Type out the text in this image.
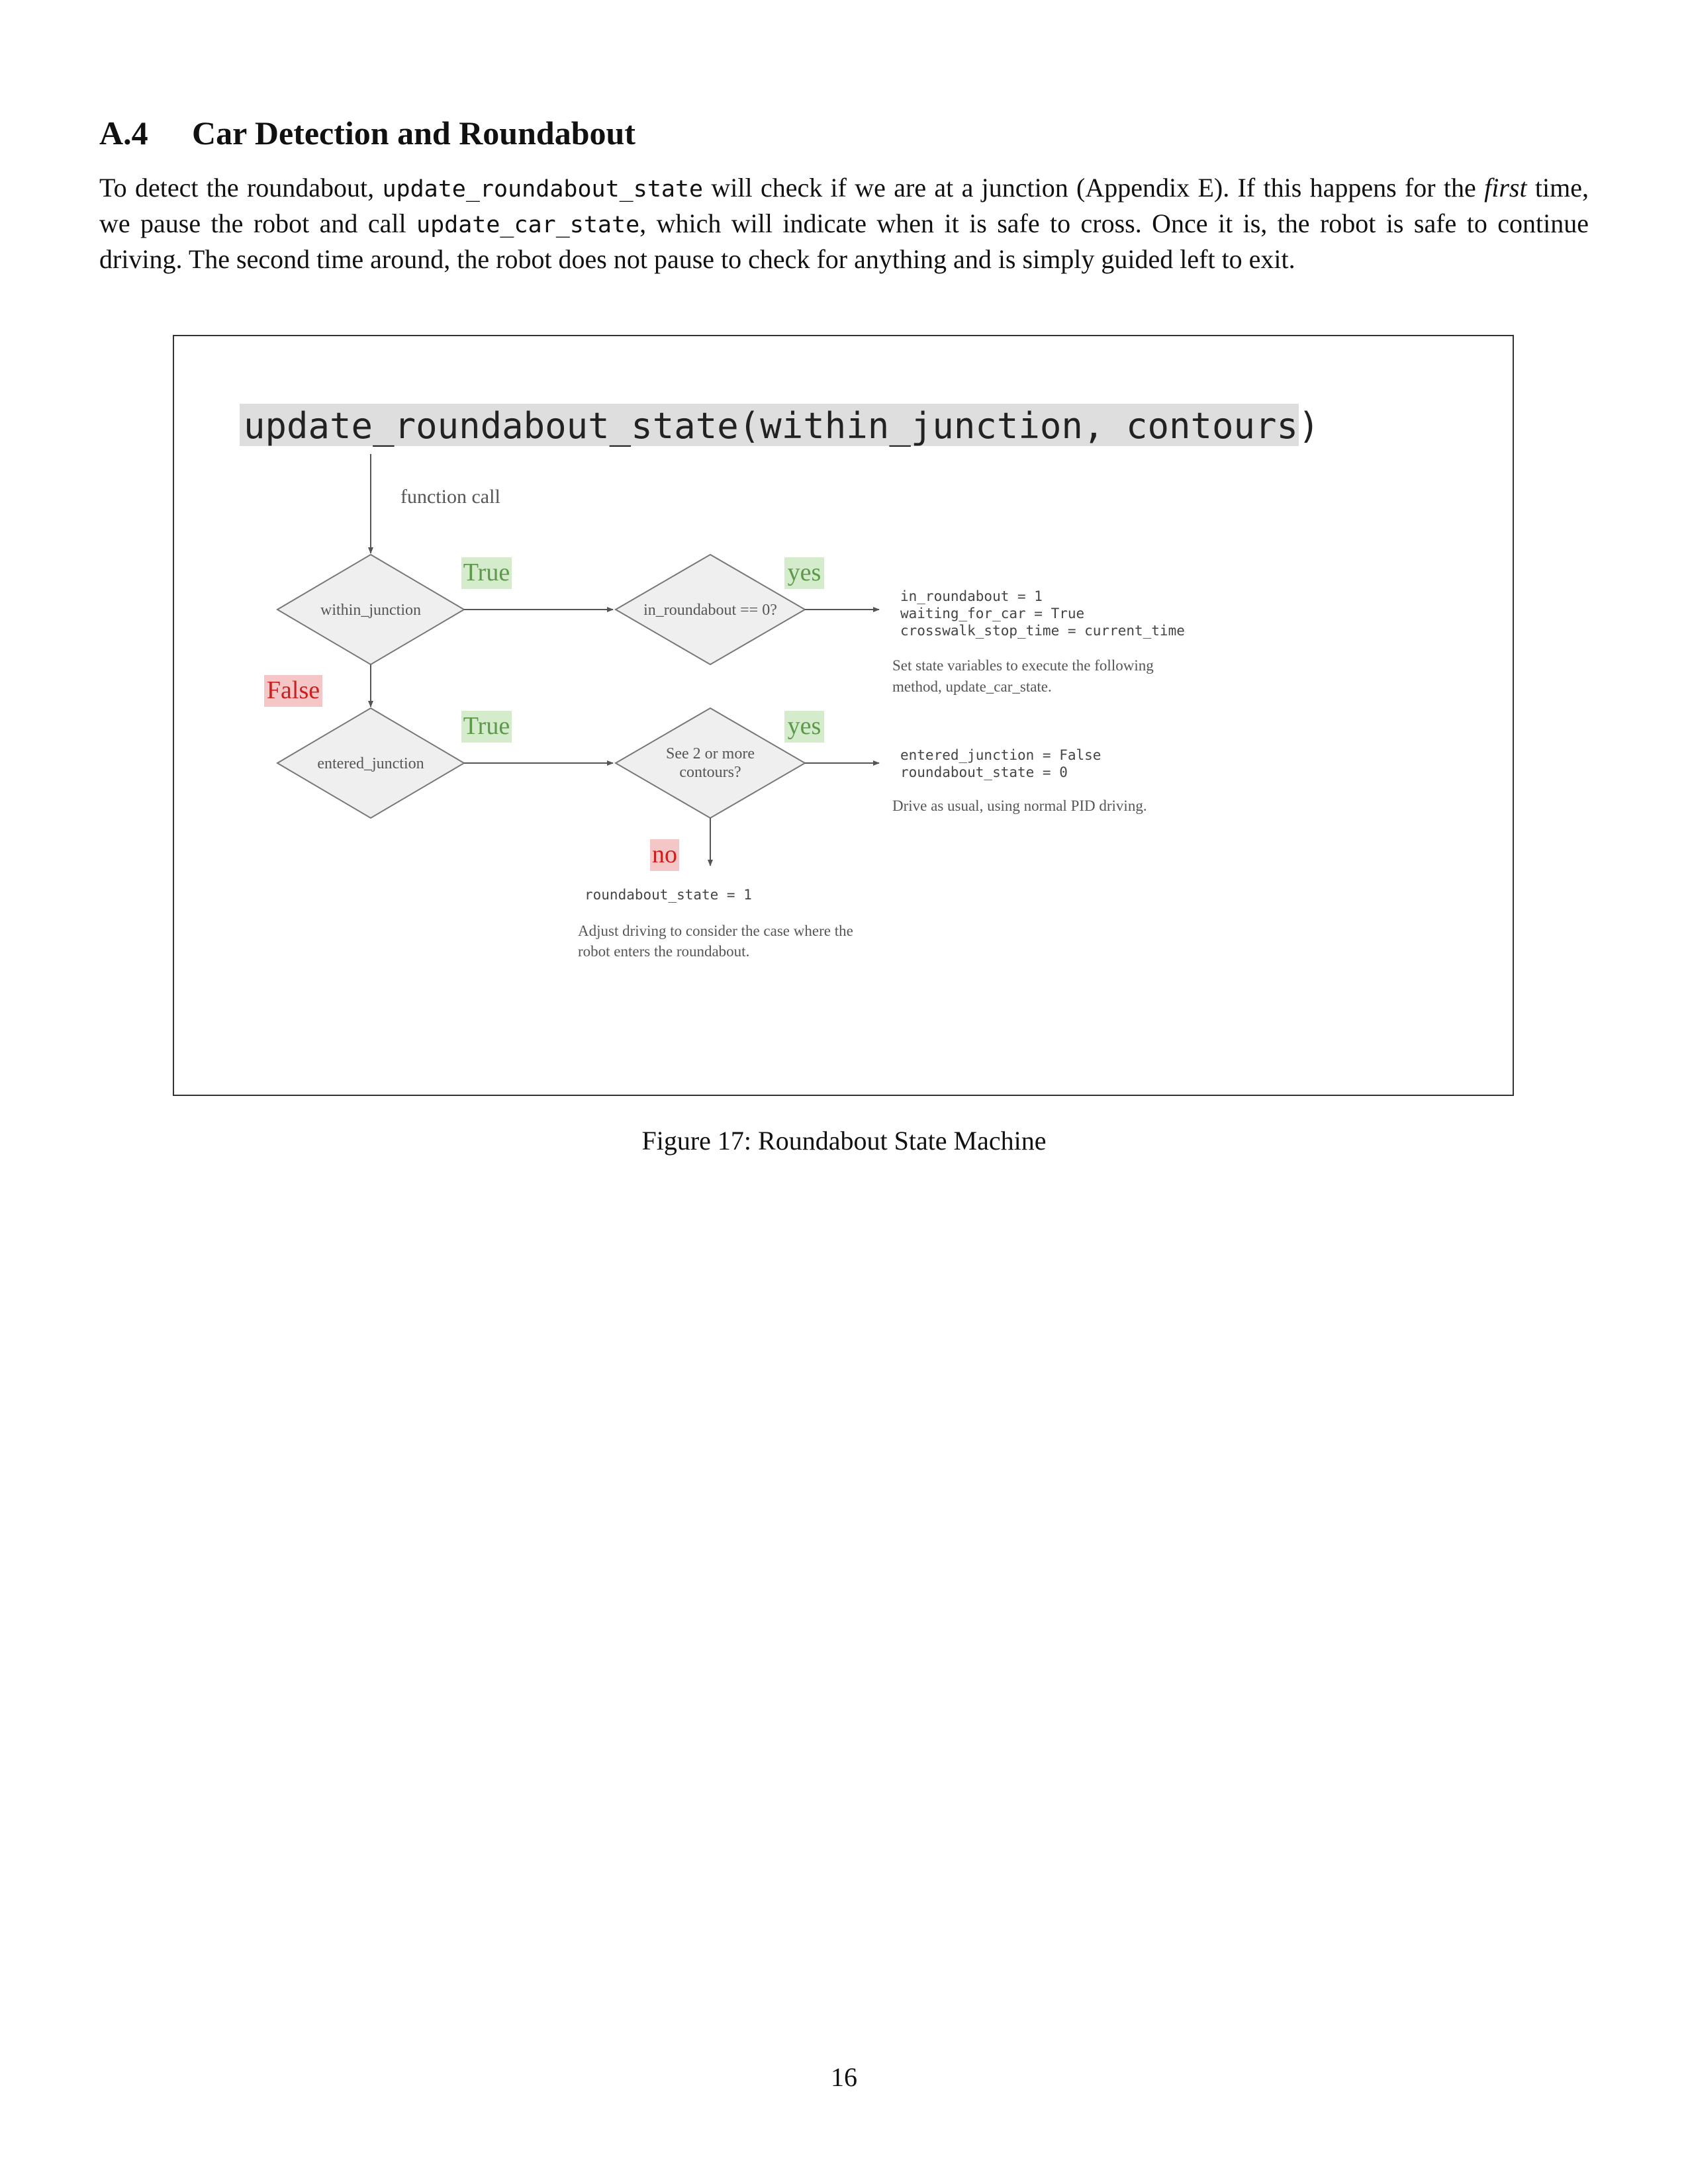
A.4 Car Detection and Roundabout

To detect the roundabout, update_roundabout_state will check if we are at a junction (Appendix E). If this happens for the first time, we pause the robot and call update_car_state, which will indicate when it is safe to cross. Once it is, the robot is safe to continue driving. The second time around, the robot does not pause to check for anything and is simply guided left to exit.

update_roundabout_state(within_junction, contours)
function call
within_junction
True
in_roundabout == 0?
yes
in_roundabout = 1
waiting_for_car = True
crosswalk_stop_time = current_time
Set state variables to execute the following
method, update_car_state.
False
entered_junction
True
See 2 or more
contours?
yes
entered_junction = False
roundabout_state = 0
Drive as usual, using normal PID driving.
no
roundabout_state = 1
Adjust driving to consider the case where the
robot enters the roundabout.
Figure 17: Roundabout State Machine
16
